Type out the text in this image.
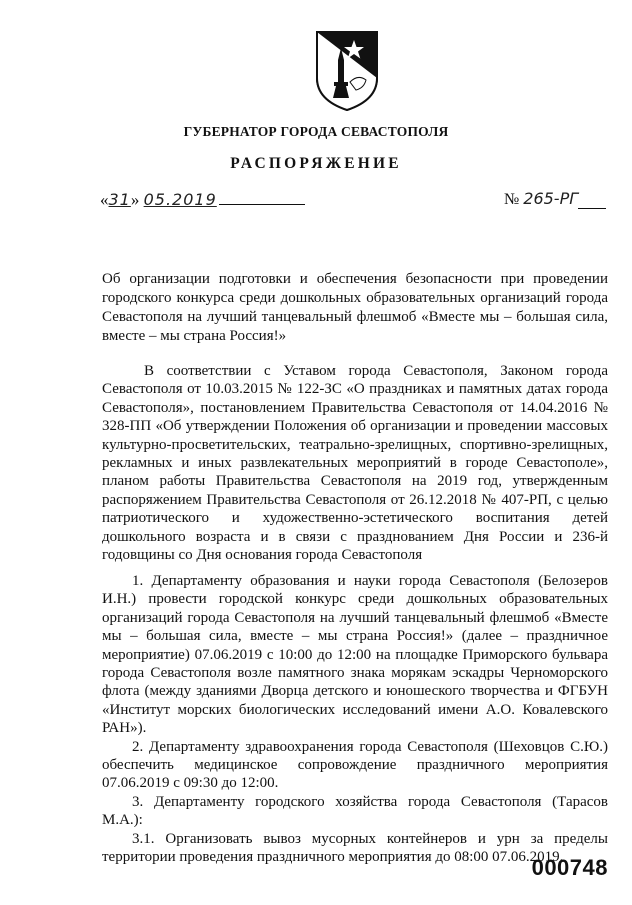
ГУБЕРНАТОР ГОРОДА СЕВАСТОПОЛЯ
РАСПОРЯЖЕНИЕ
«31» 05.2019	№ 265-РГ

Об организации подготовки и обеспечения безопасности при проведении городского конкурса среди дошкольных образовательных организаций города Севастополя на лучший танцевальный флешмоб «Вместе мы – большая сила, вместе – мы страна Россия!»

В соответствии с Уставом города Севастополя, Законом города Севастополя от 10.03.2015 № 122-ЗС «О праздниках и памятных датах города Севастополя», постановлением Правительства Севастополя от 14.04.2016 № 328-ПП «Об утверждении Положения об организации и проведении массовых культурно-просветительских, театрально-зрелищных, спортивно-зрелищных, рекламных и иных развлекательных мероприятий в городе Севастополе», планом работы Правительства Севастополя на 2019 год, утвержденным распоряжением Правительства Севастополя от 26.12.2018 № 407-РП, с целью патриотического и художественно-эстетического воспитания детей дошкольного возраста и в связи с празднованием Дня России и 236-й годовщины со Дня основания города Севастополя

1. Департаменту образования и науки города Севастополя (Белозеров И.Н.) провести городской конкурс среди дошкольных образовательных организаций города Севастополя на лучший танцевальный флешмоб «Вместе мы – большая сила, вместе – мы страна Россия!» (далее – праздничное мероприятие) 07.06.2019 с 10:00 до 12:00 на площадке Приморского бульвара города Севастополя возле памятного знака морякам эскадры Черноморского флота (между зданиями Дворца детского и юношеского творчества и ФГБУН «Институт морских биологических исследований имени А.О. Ковалевского РАН»).

2. Департаменту здравоохранения города Севастополя (Шеховцов С.Ю.) обеспечить медицинское сопровождение праздничного мероприятия 07.06.2019 с 09:30 до 12:00.

3. Департаменту городского хозяйства города Севастополя (Тарасов М.А.):

3.1. Организовать вывоз мусорных контейнеров и урн за пределы территории проведения праздничного мероприятия до 08:00 07.06.2019.

000748
